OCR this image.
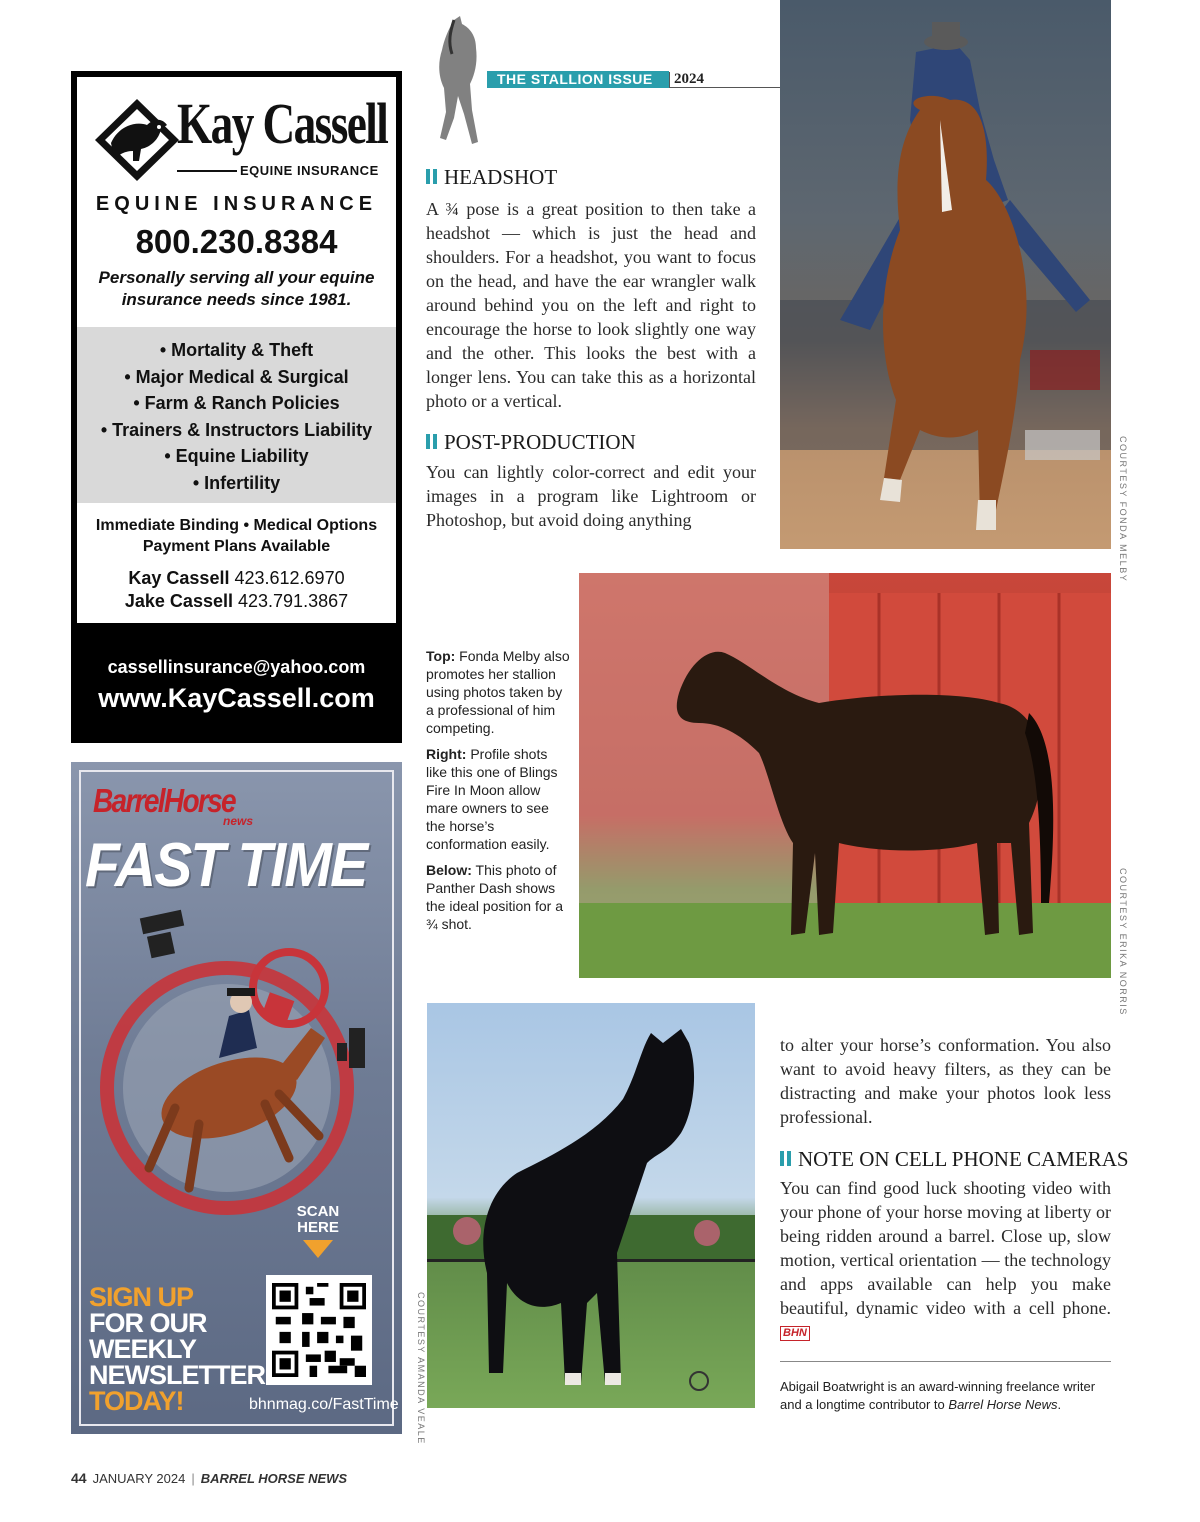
Kay Cassell
EQUINE INSURANCE
EQUINE INSURANCE
800.230.8384
Personally serving all your equine insurance needs since 1981.
• Mortality & Theft
• Major Medical & Surgical
• Farm & Ranch Policies
• Trainers & Instructors Liability
• Equine Liability
• Infertility
Immediate Binding • Medical Options
Payment Plans Available
Kay Cassell 423.612.6970
Jake Cassell 423.791.3867
cassellinsurance@yahoo.com
www.KayCassell.com
BarrelHorse
news
FAST TIME
SCAN
HERE
SIGN UP
FOR OUR
WEEKLY
NEWSLETTER
TODAY!	bhnmag.co/FastTime
THE STALLION ISSUE	2024
HEADSHOT
A ¾ pose is a great position to then take a headshot — which is just the head and shoulders. For a headshot, you want to focus on the head, and have the ear wrangler walk around behind you on the left and right to encourage the horse to look slightly one way and the other. This looks the best with a longer lens. You can take this as a horizontal photo or a vertical.
POST-PRODUCTION
You can lightly color-correct and edit your images in a program like Lightroom or Photoshop, but avoid doing anything	COURTESY FONDA MELBY
COURTESY ERIKA NORRIS

Top: Fonda Melby also promotes her stallion using photos taken by a professional of him competing.

Right: Profile shots like this one of Blings Fire In Moon allow mare owners to see the horse’s conformation easily.

Below: This photo of Panther Dash shows the ideal position for a ¾ shot.

COURTESY AMANDA VEALE
to alter your horse’s conformation. You also want to avoid heavy filters, as they can be distracting and make your photos look less professional.
NOTE ON CELL PHONE CAMERAS
You can find good luck shooting video with your phone of your horse moving at liberty or being ridden around a barrel. Close up, slow motion, vertical orientation — the technology and apps available can help you make beautiful, dynamic video with a cell phone. BHN
Abigail Boatwright is an award-winning freelance writer and a longtime contributor to Barrel Horse News.
44 JANUARY 2024 | BARREL HORSE NEWS
